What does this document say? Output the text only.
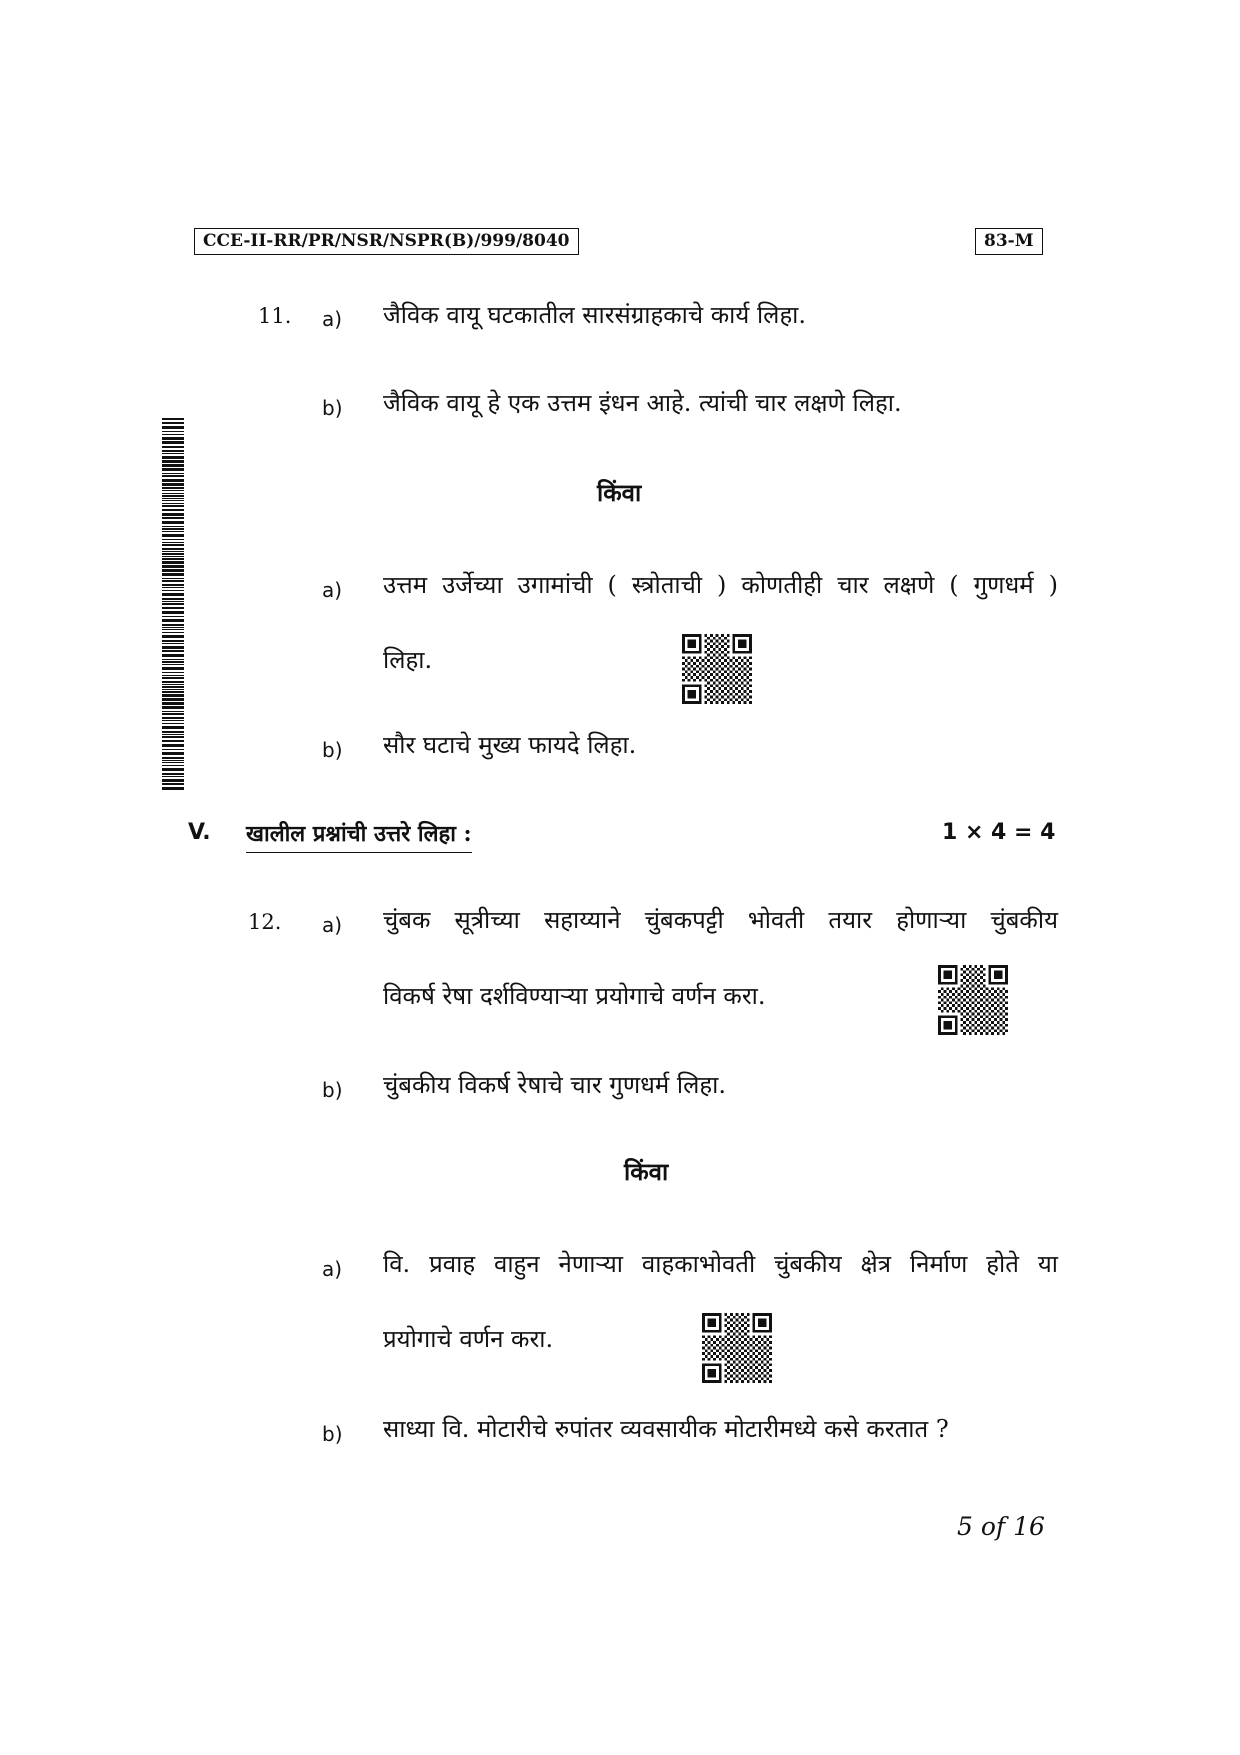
CCE-II-RR/PR/NSR/NSPR(B)/999/8040	83-M
11. a) जैविक वायू घटकातील सारसंग्राहकाचे कार्य लिहा.
b) जैविक वायू हे एक उत्तम इंधन आहे. त्यांची चार लक्षणे लिहा.
किंवा
a) उत्तम उर्जेच्या उगामांची ( स्त्रोताची ) कोणतीही चार लक्षणे ( गुणधर्म )
लिहा.
b) सौर घटाचे मुख्य फायदे लिहा.
V. खालील प्रश्नांची उत्तरे लिहा :	1 × 4 = 4
12. a) चुंबक सूत्रीच्या सहाय्याने चुंबकपट्टी भोवती तयार होणाऱ्या चुंबकीय
विकर्ष रेषा दर्शविण्याऱ्या प्रयोगाचे वर्णन करा.
b) चुंबकीय विकर्ष रेषाचे चार गुणधर्म लिहा.
किंवा
a) वि. प्रवाह वाहुन नेणाऱ्या वाहकाभोवती चुंबकीय क्षेत्र निर्माण होते या
प्रयोगाचे वर्णन करा.
b) साध्या वि. मोटारीचे रुपांतर व्यवसायीक मोटारीमध्ये कसे करतात ?
5 of 16
